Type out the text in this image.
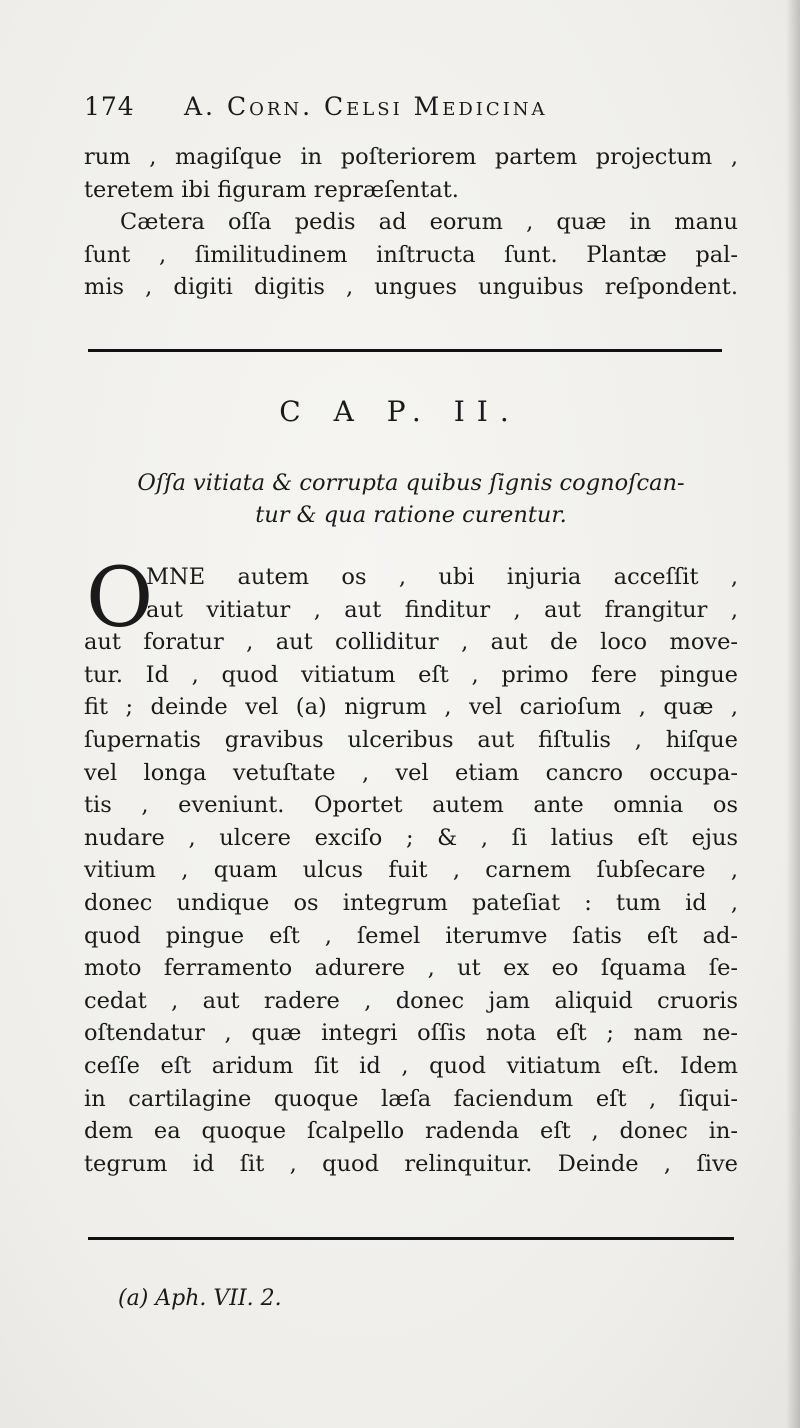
174 A. Corn. Celsi Medicina
rum , magiſque in poſteriorem partem projectum ,
teretem ibi figuram repræſentat.
Cætera oſſa pedis ad eorum , quæ in manu
ſunt , ſimilitudinem inſtructa ſunt. Plantæ pal-
mis , digiti digitis , ungues unguibus reſpondent.
C A P. II.
Oſſa vitiata & corrupta quibus ſignis cognoſcan-
tur & qua ratione curentur.
O
MNE autem os , ubi injuria acceſſit ,
aut vitiatur , aut finditur , aut frangitur ,
aut foratur , aut colliditur , aut de loco move-
tur. Id , quod vitiatum eſt , primo fere pingue
fit ; deinde vel (a) nigrum , vel carioſum , quæ ,
ſupernatis gravibus ulceribus aut fiſtulis , hiſque
vel longa vetuſtate , vel etiam cancro occupa-
tis , eveniunt. Oportet autem ante omnia os
nudare , ulcere exciſo ; & , ſi latius eſt ejus
vitium , quam ulcus fuit , carnem ſubſecare ,
donec undique os integrum pateſiat : tum id ,
quod pingue eſt , ſemel iterumve ſatis eſt ad-
moto ferramento adurere , ut ex eo ſquama ſe-
cedat , aut radere , donec jam aliquid cruoris
oſtendatur , quæ integri oſſis nota eſt ; nam ne-
ceſſe eſt aridum ſit id , quod vitiatum eſt. Idem
in cartilagine quoque læſa faciendum eſt , ſiqui-
dem ea quoque ſcalpello radenda eſt , donec in-
tegrum id ſit , quod relinquitur. Deinde , ſive
(a) Aph. VII. 2.
